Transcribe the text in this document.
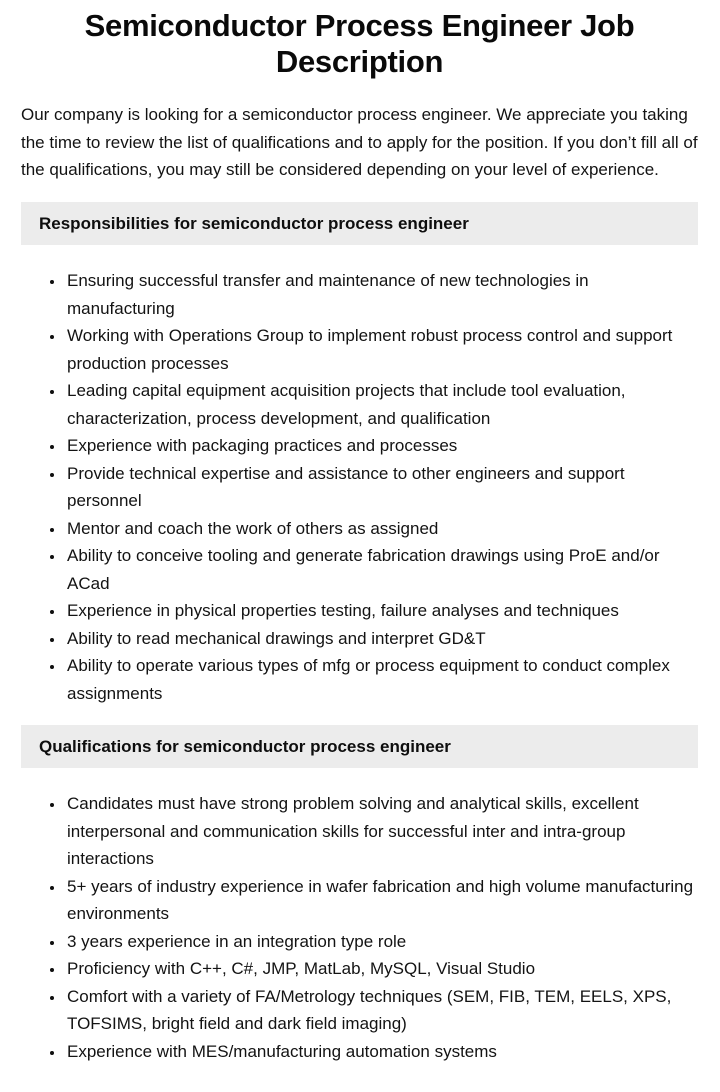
Semiconductor Process Engineer Job Description

Our company is looking for a semiconductor process engineer. We appreciate you taking the time to review the list of qualifications and to apply for the position. If you don’t fill all of the qualifications, you may still be considered depending on your level of experience.

Responsibilities for semiconductor process engineer
• Ensuring successful transfer and maintenance of new technologies in manufacturing
• Working with Operations Group to implement robust process control and support production processes
• Leading capital equipment acquisition projects that include tool evaluation, characterization, process development, and qualification
• Experience with packaging practices and processes
• Provide technical expertise and assistance to other engineers and support personnel
• Mentor and coach the work of others as assigned
• Ability to conceive tooling and generate fabrication drawings using ProE and/or ACad
• Experience in physical properties testing, failure analyses and techniques
• Ability to read mechanical drawings and interpret GD&T
• Ability to operate various types of mfg or process equipment to conduct complex assignments
Qualifications for semiconductor process engineer
• Candidates must have strong problem solving and analytical skills, excellent interpersonal and communication skills for successful inter and intra-group interactions
• 5+ years of industry experience in wafer fabrication and high volume manufacturing environments
• 3 years experience in an integration type role
• Proficiency with C++, C#, JMP, MatLab, MySQL, Visual Studio
• Comfort with a variety of FA/Metrology techniques (SEM, FIB, TEM, EELS, XPS, TOFSIMS, bright field and dark field imaging)
• Experience with MES/manufacturing automation systems
